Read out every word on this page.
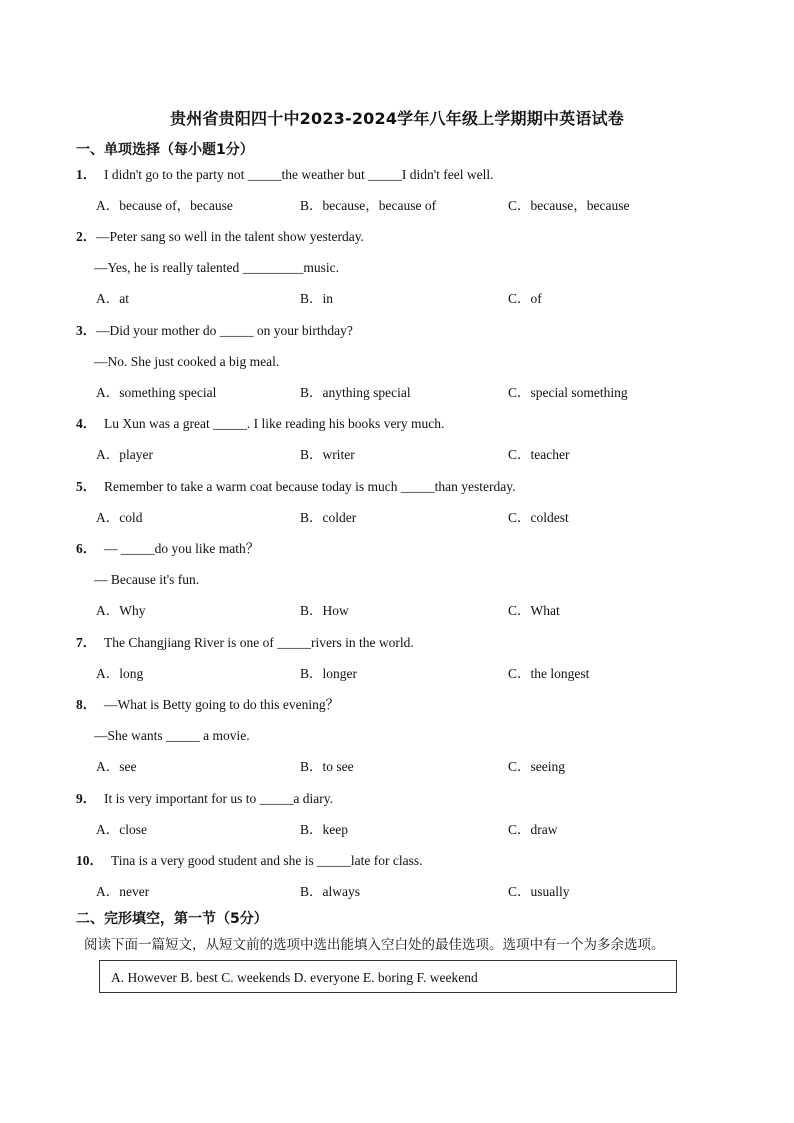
贵州省贵阳四十中2023-2024学年八年级上学期期中英语试卷
一、单项选择（每小题1分）
1． I didn't go to the party not _____the weather but _____I didn't feel well.
A．because of，because	B．because，because of	C．because，because
2． —Peter sang so well in the talent show yesterday.
—Yes, he is really talented _________music.
A．at	B．in	C．of
3． —Did your mother do _____ on your birthday?
—No. She just cooked a big meal.
A．something special	B．anything special	C．special something
4． Lu Xun was a great _____. I like reading his books very much.
A．player	B．writer	C．teacher
5． Remember to take a warm coat because today is much _____than yesterday.
A．cold	B．colder	C．coldest
6． — _____do you like math？
— Because it's fun.
A．Why	B．How	C．What
7． The Changjiang River is one of _____rivers in the world.
A．long	B．longer	C．the longest
8． —What is Betty going to do this evening？
—She wants _____ a movie.
A．see	B．to see	C．seeing
9． It is very important for us to _____a diary.
A．close	B．keep	C．draw
10． Tina is a very good student and she is _____late for class.
A．never	B．always	C．usually
二、完形填空，第一节（5分）
阅读下面一篇短文，从短文前的选项中选出能填入空白处的最佳选项。选项中有一个为多余选项。
A. However B. best C. weekends D. everyone E. boring F. weekend
